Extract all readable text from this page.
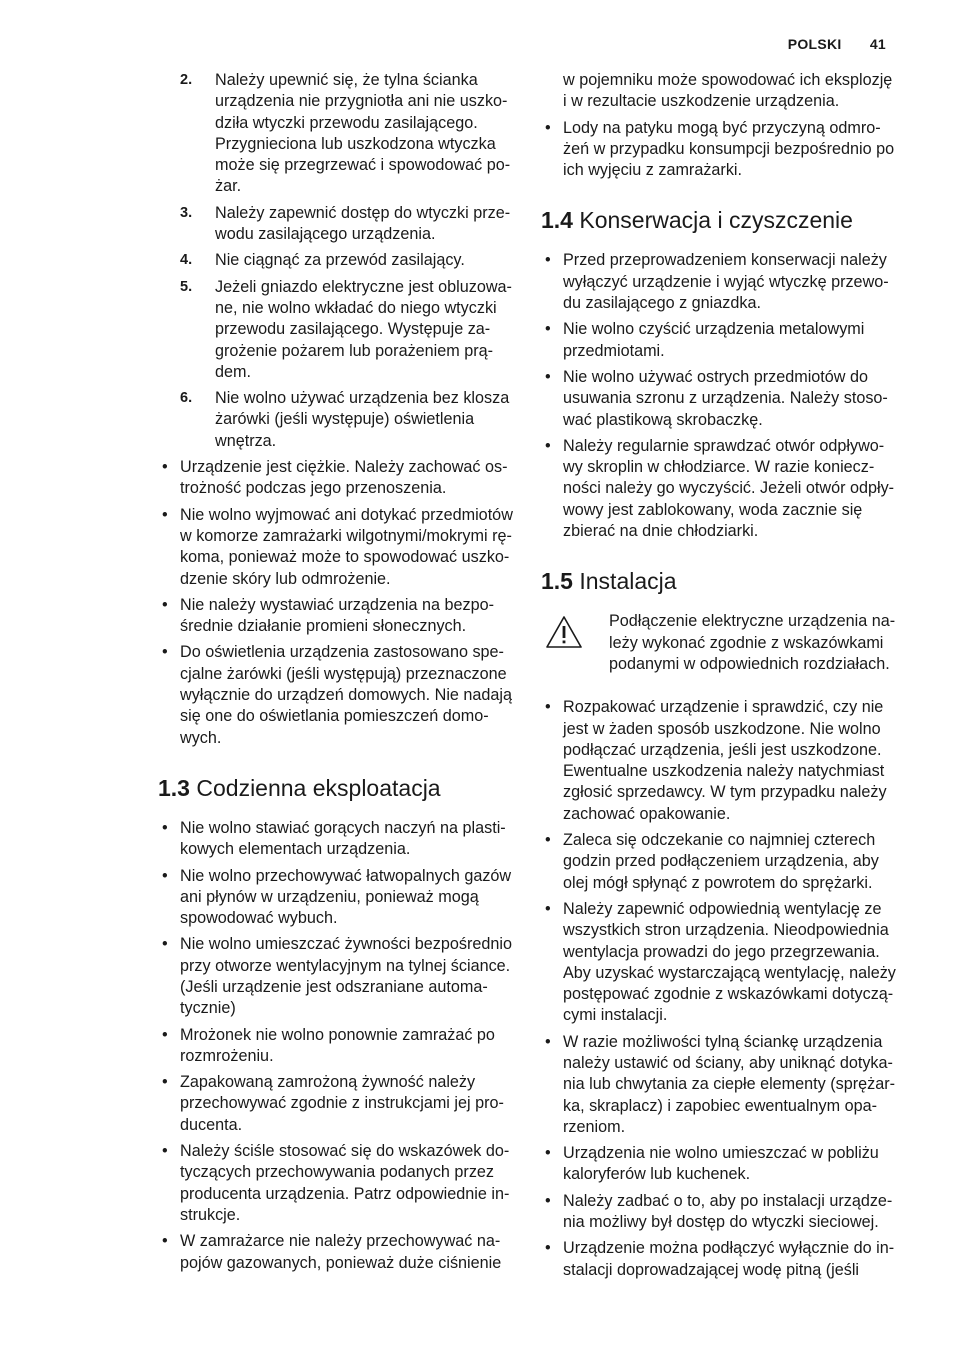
POLSKI 41
2. Należy upewnić się, że tylna ścianka
urządzenia nie przygniotła ani nie uszko-
dziła wtyczki przewodu zasilającego.
Przygnieciona lub uszkodzona wtyczka
może się przegrzewać i spowodować po-
żar.
3. Należy zapewnić dostęp do wtyczki prze-
wodu zasilającego urządzenia.
4. Nie ciągnąć za przewód zasilający.
5. Jeżeli gniazdo elektryczne jest obluzowa-
ne, nie wolno wkładać do niego wtyczki
przewodu zasilającego. Występuje za-
grożenie pożarem lub porażeniem prą-
dem.
6. Nie wolno używać urządzenia bez klosza
żarówki (jeśli występuje) oświetlenia
wnętrza.
• Urządzenie jest ciężkie. Należy zachować os-
trożność podczas jego przenoszenia.
• Nie wolno wyjmować ani dotykać przedmiotów
w komorze zamrażarki wilgotnymi/mokrymi rę-
koma, ponieważ może to spowodować uszko-
dzenie skóry lub odmrożenie.
• Nie należy wystawiać urządzenia na bezpo-
średnie działanie promieni słonecznych.
• Do oświetlenia urządzenia zastosowano spe-
cjalne żarówki (jeśli występują) przeznaczone
wyłącznie do urządzeń domowych. Nie nadają
się one do oświetlania pomieszczeń domo-
wych.
1.3 Codzienna eksploatacja
• Nie wolno stawiać gorących naczyń na plasti-
kowych elementach urządzenia.
• Nie wolno przechowywać łatwopalnych gazów
ani płynów w urządzeniu, ponieważ mogą
spowodować wybuch.
• Nie wolno umieszczać żywności bezpośrednio
przy otworze wentylacyjnym na tylnej ściance.
(Jeśli urządzenie jest odszraniane automa-
tycznie)
• Mrożonek nie wolno ponownie zamrażać po
rozmrożeniu.
• Zapakowaną zamrożoną żywność należy
przechowywać zgodnie z instrukcjami jej pro-
ducenta.
• Należy ściśle stosować się do wskazówek do-
tyczących przechowywania podanych przez
producenta urządzenia. Patrz odpowiednie in-
strukcje.
• W zamrażarce nie należy przechowywać na-
pojów gazowanych, ponieważ duże ciśnienie
w pojemniku może spowodować ich eksplozję
i w rezultacie uszkodzenie urządzenia.
• Lody na patyku mogą być przyczyną odmro-
żeń w przypadku konsumpcji bezpośrednio po
ich wyjęciu z zamrażarki.
1.4 Konserwacja i czyszczenie
• Przed przeprowadzeniem konserwacji należy
wyłączyć urządzenie i wyjąć wtyczkę przewo-
du zasilającego z gniazdka.
• Nie wolno czyścić urządzenia metalowymi
przedmiotami.
• Nie wolno używać ostrych przedmiotów do
usuwania szronu z urządzenia. Należy stoso-
wać plastikową skrobaczkę.
• Należy regularnie sprawdzać otwór odpływo-
wy skroplin w chłodziarce. W razie koniecz-
ności należy go wyczyścić. Jeżeli otwór odpły-
wowy jest zablokowany, woda zacznie się
zbierać na dnie chłodziarki.
1.5 Instalacja
Podłączenie elektryczne urządzenia na-
leży wykonać zgodnie z wskazówkami
podanymi w odpowiednich rozdziałach.
• Rozpakować urządzenie i sprawdzić, czy nie
jest w żaden sposób uszkodzone. Nie wolno
podłączać urządzenia, jeśli jest uszkodzone.
Ewentualne uszkodzenia należy natychmiast
zgłosić sprzedawcy. W tym przypadku należy
zachować opakowanie.
• Zaleca się odczekanie co najmniej czterech
godzin przed podłączeniem urządzenia, aby
olej mógł spłynąć z powrotem do sprężarki.
• Należy zapewnić odpowiednią wentylację ze
wszystkich stron urządzenia. Nieodpowiednia
wentylacja prowadzi do jego przegrzewania.
Aby uzyskać wystarczającą wentylację, należy
postępować zgodnie z wskazówkami dotyczą-
cymi instalacji.
• W razie możliwości tylną ściankę urządzenia
należy ustawić od ściany, aby uniknąć dotyka-
nia lub chwytania za ciepłe elementy (sprężar-
ka, skraplacz) i zapobiec ewentualnym opa-
rzeniom.
• Urządzenia nie wolno umieszczać w pobliżu
kaloryferów lub kuchenek.
• Należy zadbać o to, aby po instalacji urządze-
nia możliwy był dostęp do wtyczki sieciowej.
• Urządzenie można podłączyć wyłącznie do in-
stalacji doprowadzającej wodę pitną (jeśli
